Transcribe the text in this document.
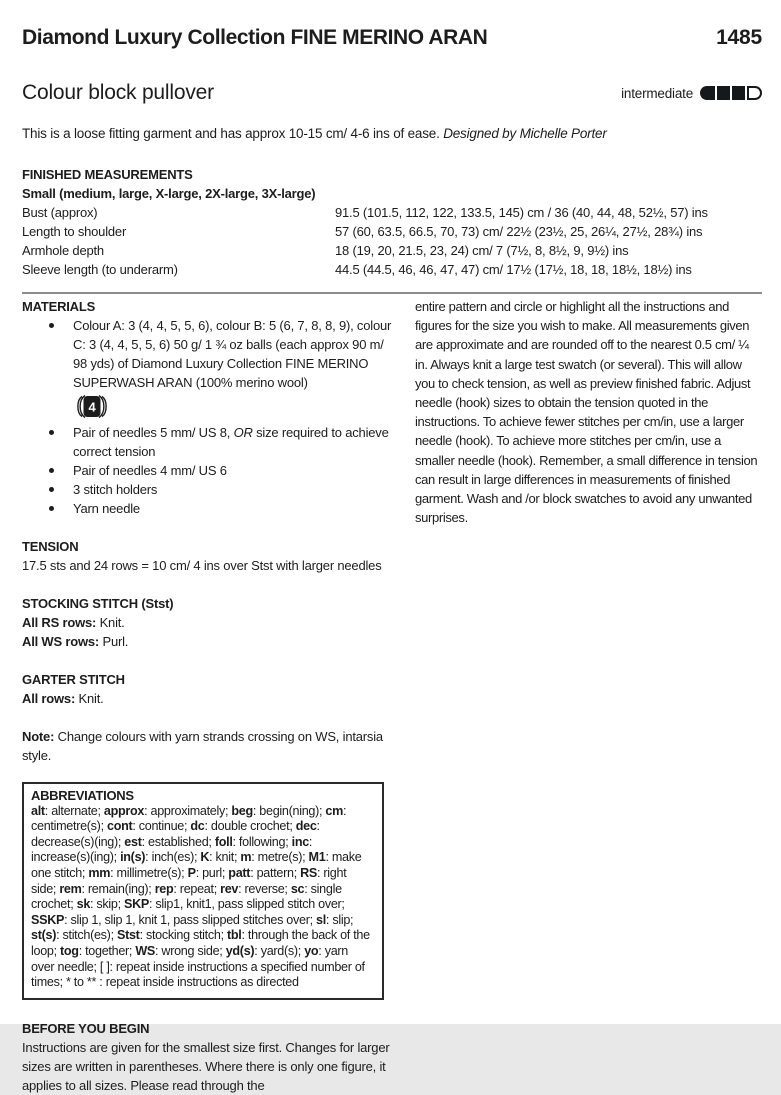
Diamond Luxury Collection FINE MERINO ARAN	1485
Colour block pullover	intermediate
This is a loose fitting garment and has approx 10-15 cm/ 4-6 ins of ease. Designed by Michelle Porter
FINISHED MEASUREMENTS
Small (medium, large, X-large, 2X-large, 3X-large)
Bust (approx)	91.5 (101.5, 112, 122, 133.5, 145) cm / 36 (40, 44, 48, 52½, 57) ins
Length to shoulder	57 (60, 63.5, 66.5, 70, 73) cm/ 22½ (23½, 25, 26¼, 27½, 28¾) ins
Armhole depth	18 (19, 20, 21.5, 23, 24) cm/ 7 (7½, 8, 8½, 9, 9½) ins
Sleeve length (to underarm)	44.5 (44.5, 46, 46, 47, 47) cm/ 17½ (17½, 18, 18, 18½, 18½) ins
MATERIALS
Colour A: 3 (4, 4, 5, 5, 6), colour B: 5 (6, 7, 8, 8, 9), colour C: 3 (4, 4, 5, 5, 6) 50 g/ 1 ¾ oz balls (each approx 90 m/ 98 yds) of Diamond Luxury Collection FINE MERINO SUPERWASH ARAN (100% merino wool)
4
Pair of needles 5 mm/ US 8, OR size required to achieve correct tension
Pair of needles 4 mm/ US 6
3 stitch holders
Yarn needle
TENSION
17.5 sts and 24 rows = 10 cm/ 4 ins over Stst with larger needles
STOCKING STITCH (Stst)
All RS rows: Knit.
All WS rows: Purl.
GARTER STITCH
All rows: Knit.
Note: Change colours with yarn strands crossing on WS, intarsia style.
ABBREVIATIONS
alt: alternate; approx: approximately; beg: begin(ning); cm: centimetre(s); cont: continue; dc: double crochet; dec: decrease(s)(ing); est: established; foll: following; inc: increase(s)(ing); in(s): inch(es); K: knit; m: metre(s); M1: make one stitch; mm: millimetre(s); P: purl; patt: pattern; RS: right side; rem: remain(ing); rep: repeat; rev: reverse; sc: single crochet; sk: skip; SKP: slip1, knit1, pass slipped stitch over; SSKP: slip 1, slip 1, knit 1, pass slipped stitches over; sl: slip; st(s): stitch(es); Stst: stocking stitch; tbl: through the back of the loop; tog: together; WS: wrong side; yd(s): yard(s); yo: yarn over needle; [ ]: repeat inside instructions a specified number of times; * to ** : repeat inside instructions as directed
BEFORE YOU BEGIN
Instructions are given for the smallest size first. Changes for larger sizes are written in parentheses. Where there is only one figure, it applies to all sizes. Please read through the
entire pattern and circle or highlight all the instructions and figures for the size you wish to make. All measurements given are approximate and are rounded off to the nearest 0.5 cm/ ¼ in. Always knit a large test swatch (or several). This will allow you to check tension, as well as preview finished fabric. Adjust needle (hook) sizes to obtain the tension quoted in the instructions. To achieve fewer stitches per cm/in, use a larger needle (hook). To achieve more stitches per cm/in, use a smaller needle (hook). Remember, a small difference in tension can result in large differences in measurements of finished garment. Wash and /or block swatches to avoid any unwanted surprises.
